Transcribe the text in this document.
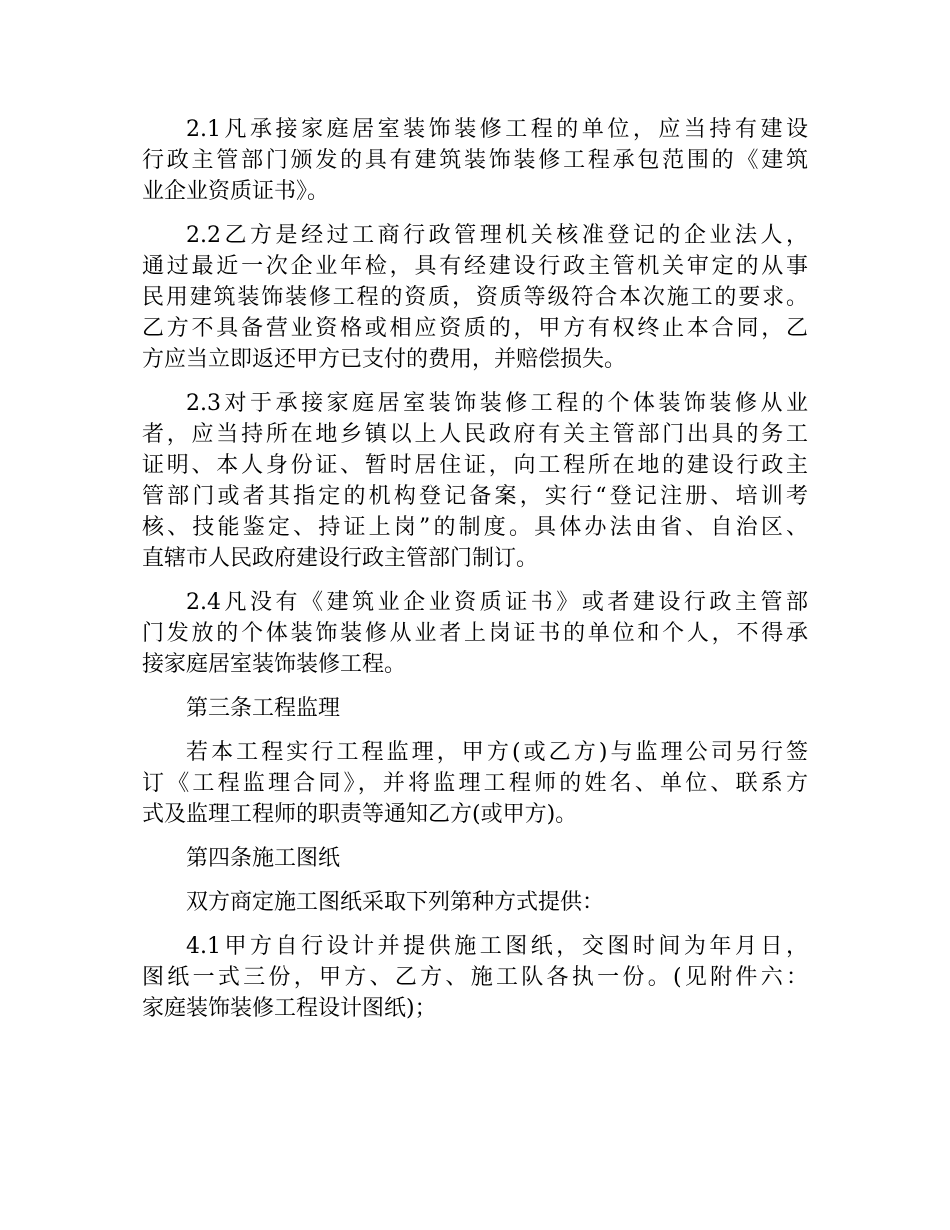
2.1凡承接家庭居室装饰装修工程的单位，应当持有建设
行政主管部门颁发的具有建筑装饰装修工程承包范围的《建筑
业企业资质证书》。
2.2乙方是经过工商行政管理机关核准登记的企业法人，
通过最近一次企业年检，具有经建设行政主管机关审定的从事
民用建筑装饰装修工程的资质，资质等级符合本次施工的要求。
乙方不具备营业资格或相应资质的，甲方有权终止本合同，乙
方应当立即返还甲方已支付的费用，并赔偿损失。
2.3对于承接家庭居室装饰装修工程的个体装饰装修从业
者，应当持所在地乡镇以上人民政府有关主管部门出具的务工
证明、本人身份证、暂时居住证，向工程所在地的建设行政主
管部门或者其指定的机构登记备案，实行“登记注册、培训考
核、技能鉴定、持证上岗”的制度。具体办法由省、自治区、
直辖市人民政府建设行政主管部门制订。
2.4凡没有《建筑业企业资质证书》或者建设行政主管部
门发放的个体装饰装修从业者上岗证书的单位和个人，不得承
接家庭居室装饰装修工程。
第三条工程监理
若本工程实行工程监理，甲方(或乙方)与监理公司另行签
订《工程监理合同》，并将监理工程师的姓名、单位、联系方
式及监理工程师的职责等通知乙方(或甲方)。
第四条施工图纸
双方商定施工图纸采取下列第种方式提供：
4.1甲方自行设计并提供施工图纸，交图时间为年月日，
图纸一式三份，甲方、乙方、施工队各执一份。(见附件六：
家庭装饰装修工程设计图纸)；
